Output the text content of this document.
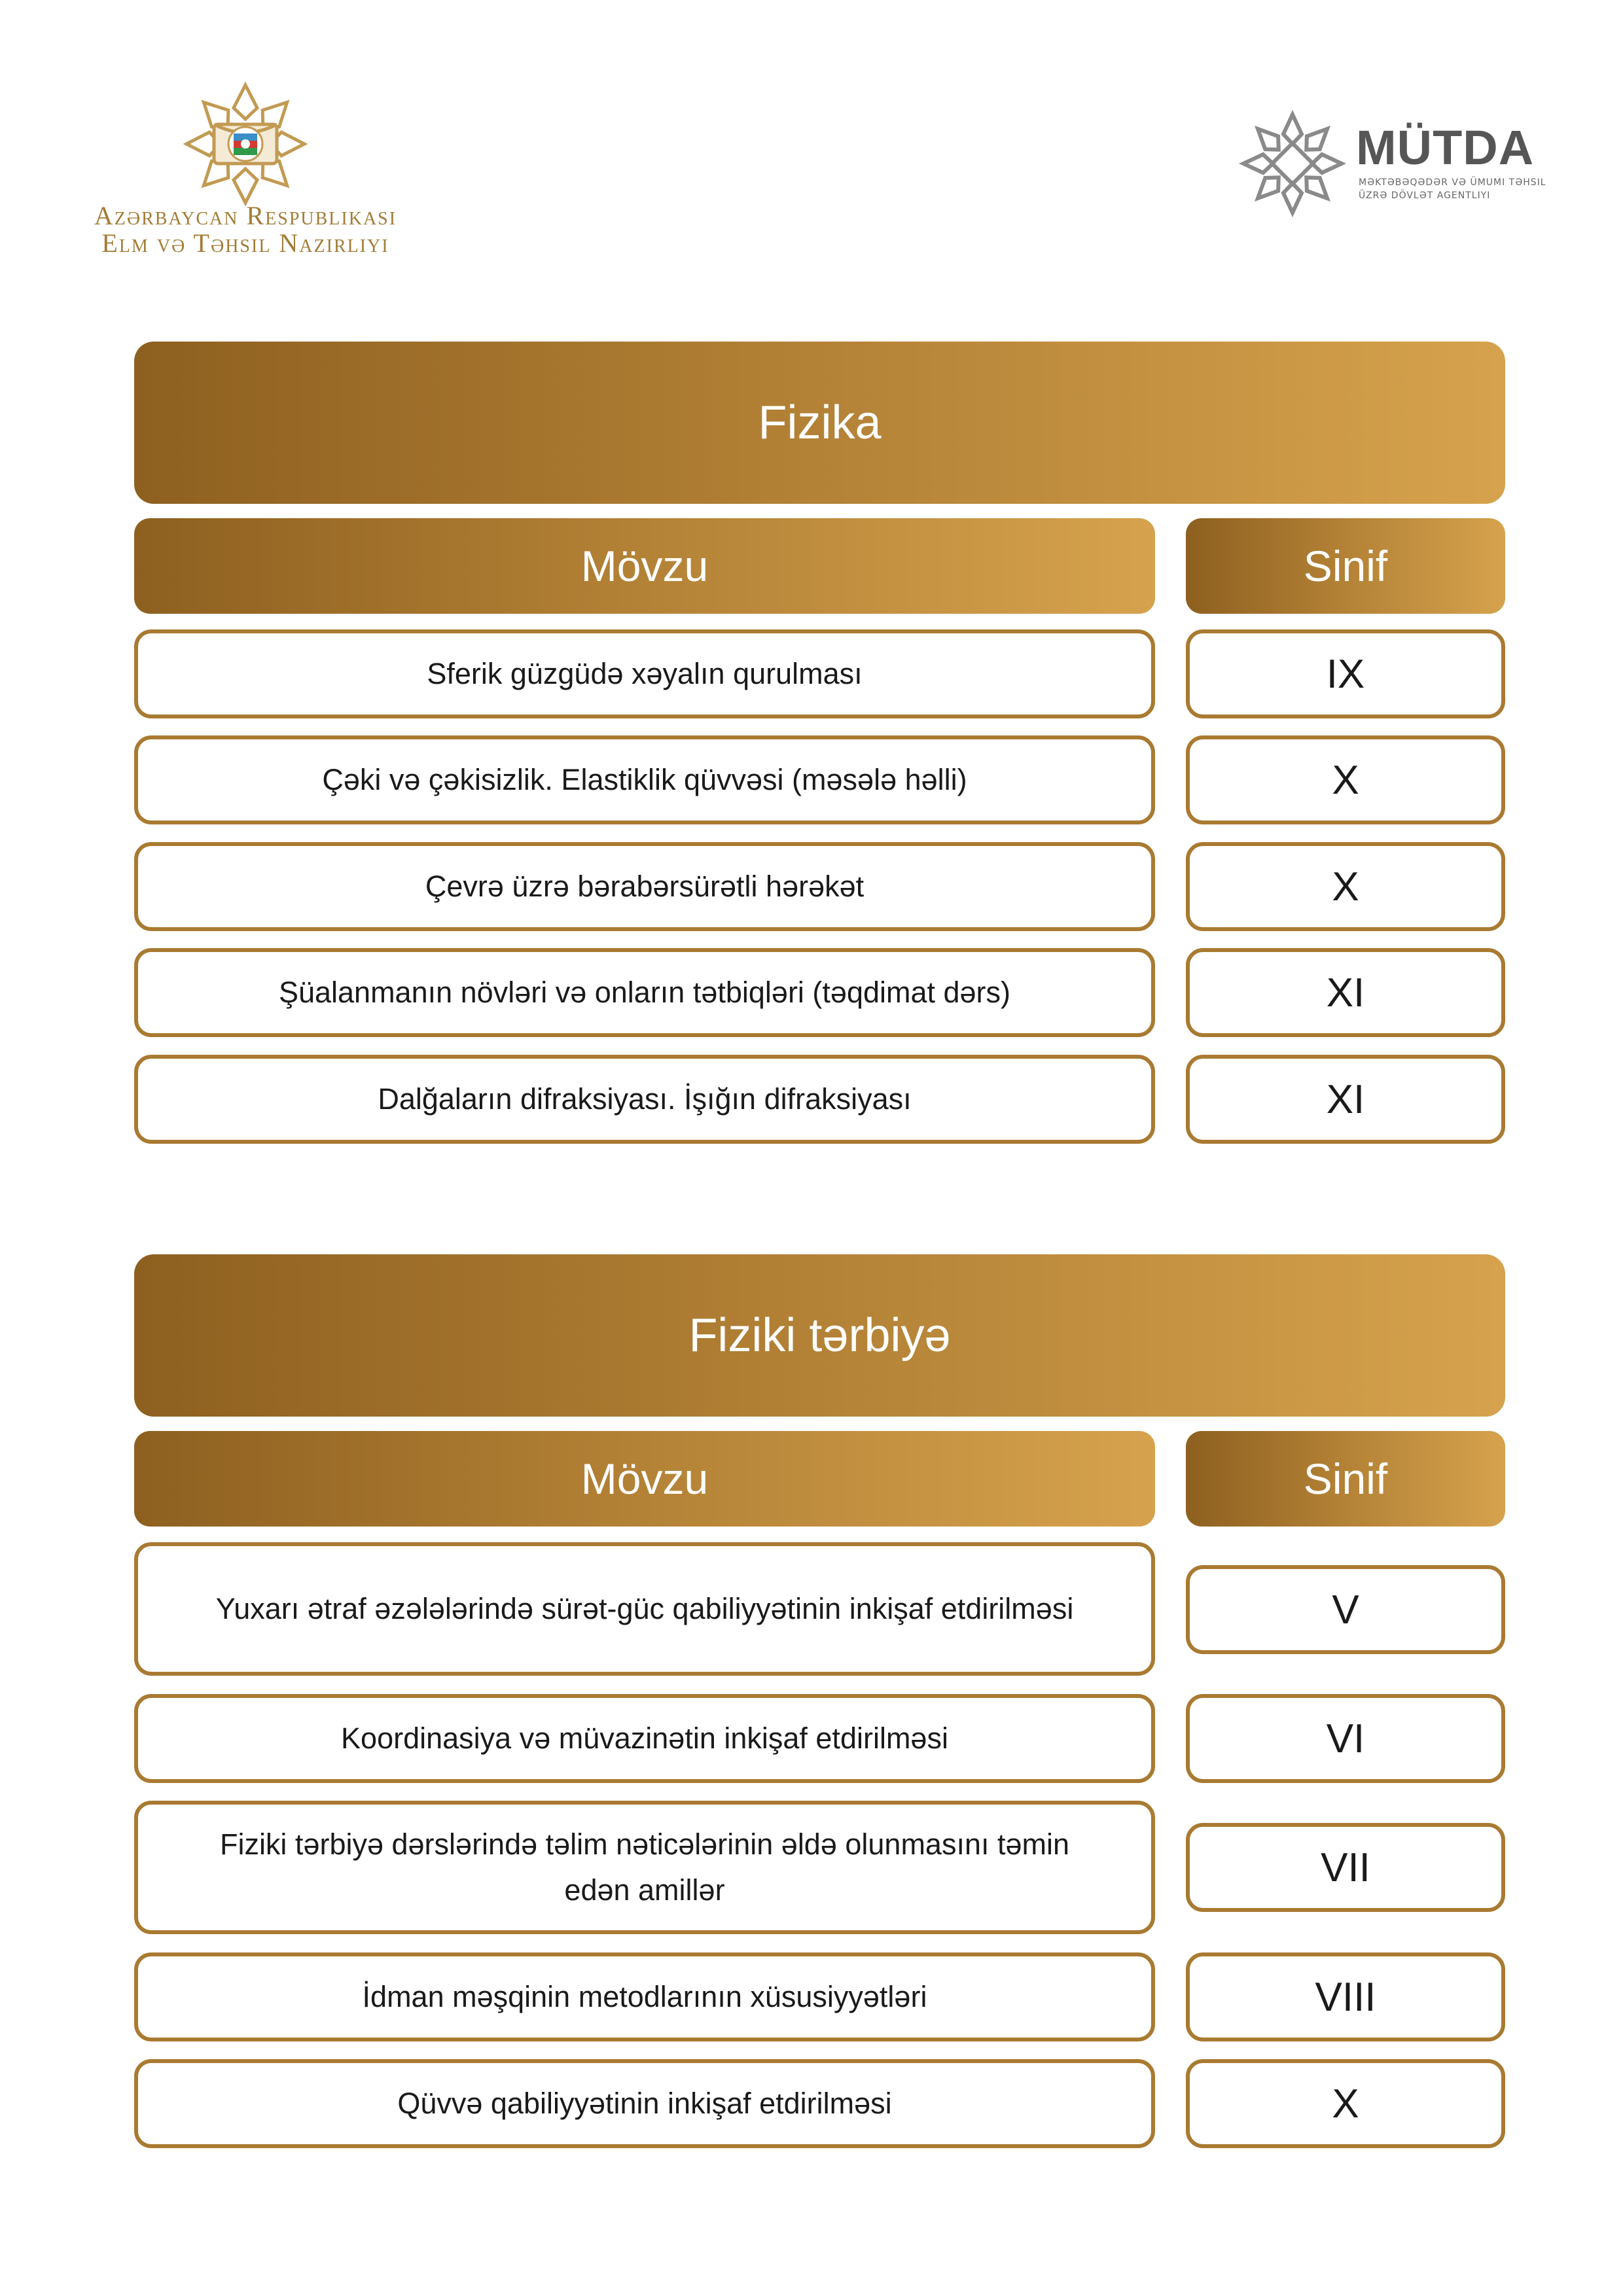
Azərbaycan Respublikası
Elm və Təhsil Nazirliyi
MÜTDA
MƏKTƏBƏQƏDƏR VƏ ÜMUMI TƏHSIL
ÜZRƏ DÖVLƏT AGENTLIYI
Fizika
Mövzu	Sinif
Sferik güzgüdə xəyalın qurulması	IX
Çəki və çəkisizlik. Elastiklik qüvvəsi (məsələ həlli)	X
Çevrə üzrə bərabərsürətli hərəkət	X
Şüalanmanın növləri və onların tətbiqləri (təqdimat dərs)	XI
Dalğaların difraksiyası. İşığın difraksiyası	XI
Fiziki tərbiyə
Mövzu	Sinif
Yuxarı ətraf əzələlərində sürət-güc qabiliyyətinin inkişaf etdirilməsi	V
Koordinasiya və müvazinətin inkişaf etdirilməsi	VI
Fiziki tərbiyə dərslərində təlim nəticələrinin əldə olunmasını təmin edən amillər	VII
İdman məşqinin metodlarının xüsusiyyətləri	VIII
Qüvvə qabiliyyətinin inkişaf etdirilməsi	X
